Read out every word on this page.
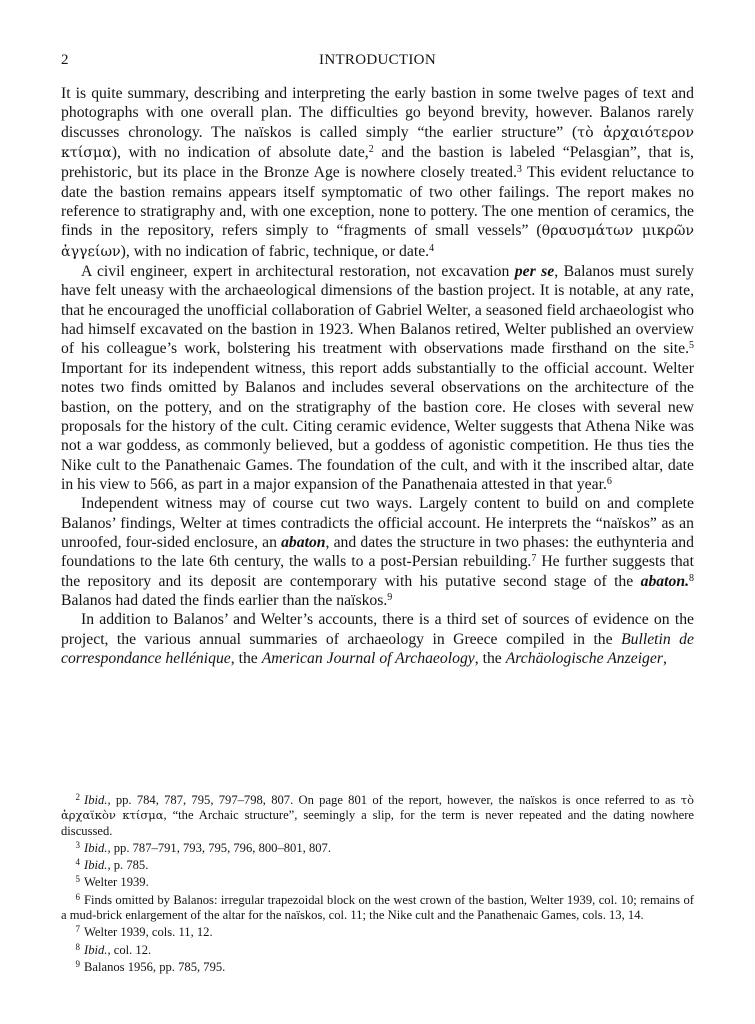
2	INTRODUCTION

It is quite summary, describing and interpreting the early bastion in some twelve pages of text and photographs with one overall plan. The difficulties go beyond brevity, however. Balanos rarely discusses chronology. The naïskos is called simply “the earlier structure” (τὸ ἀρχαιότερον κτίσμα), with no indication of absolute date,$^2$ and the bastion is labeled “Pelasgian”, that is, prehistoric, but its place in the Bronze Age is nowhere closely treated.$^3$ This evident reluctance to date the bastion remains appears itself symptomatic of two other failings. The report makes no reference to stratigraphy and, with one exception, none to pottery. The one mention of ceramics, the finds in the repository, refers simply to “fragments of small vessels” (θραυσμάτων μικρῶν ἀγγείων), with no indication of fabric, technique, or date.$^4$

A civil engineer, expert in architectural restoration, not excavation per se, Balanos must surely have felt uneasy with the archaeological dimensions of the bastion project. It is notable, at any rate, that he encouraged the unofficial collaboration of Gabriel Welter, a seasoned field archaeologist who had himself excavated on the bastion in 1923. When Balanos retired, Welter published an overview of his colleague’s work, bolstering his treatment with observations made firsthand on the site.$^5$ Important for its independent witness, this report adds substantially to the official account. Welter notes two finds omitted by Balanos and includes several observations on the architecture of the bastion, on the pottery, and on the stratigraphy of the bastion core. He closes with several new proposals for the history of the cult. Citing ceramic evidence, Welter suggests that Athena Nike was not a war goddess, as commonly believed, but a goddess of agonistic competition. He thus ties the Nike cult to the Panathenaic Games. The foundation of the cult, and with it the inscribed altar, date in his view to 566, as part in a major expansion of the Panathenaia attested in that year.$^6$

Independent witness may of course cut two ways. Largely content to build on and complete Balanos’ findings, Welter at times contradicts the official account. He interprets the “naïskos” as an unroofed, four-sided enclosure, an abaton, and dates the structure in two phases: the euthynteria and foundations to the late 6th century, the walls to a post-Persian rebuilding.$^7$ He further suggests that the repository and its deposit are contemporary with his putative second stage of the abaton.$^8$ Balanos had dated the finds earlier than the naïskos.$^9$

In addition to Balanos’ and Welter’s accounts, there is a third set of sources of evidence on the project, the various annual summaries of archaeology in Greece compiled in the Bulletin de correspondance hellénique, the American Journal of Archaeology, the Archäologische Anzeiger,

2 Ibid., pp. 784, 787, 795, 797–798, 807. On page 801 of the report, however, the naïskos is once referred to as τὸ ἀρχαϊκὸν κτίσμα, “the Archaic structure”, seemingly a slip, for the term is never repeated and the dating nowhere discussed.
3 Ibid., pp. 787–791, 793, 795, 796, 800–801, 807.
4 Ibid., p. 785.
5 Welter 1939.
6 Finds omitted by Balanos: irregular trapezoidal block on the west crown of the bastion, Welter 1939, col. 10; remains of a mud-brick enlargement of the altar for the naïskos, col. 11; the Nike cult and the Panathenaic Games, cols. 13, 14.
7 Welter 1939, cols. 11, 12.
8 Ibid., col. 12.
9 Balanos 1956, pp. 785, 795.
